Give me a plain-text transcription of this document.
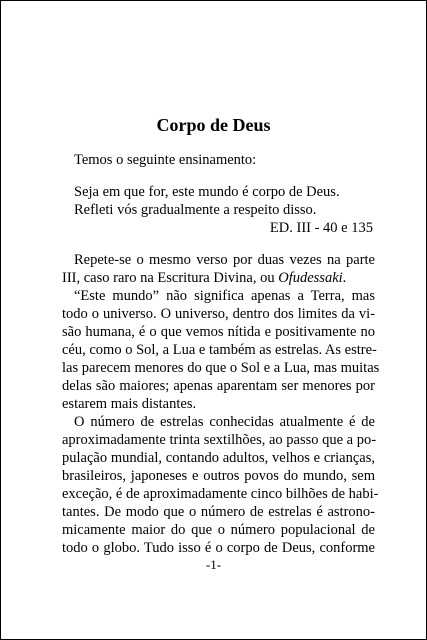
Corpo de Deus

Temos o seguinte ensinamento:

Seja em que for, este mundo é corpo de Deus.

Refleti vós gradualmente a respeito disso.

ED. III - 40 e 135

Repete-se o mesmo verso por duas vezes na parte

III, caso raro na Escritura Divina, ou Ofudessaki.

“Este mundo” não significa apenas a Terra, mas

todo o universo. O universo, dentro dos limites da vi-

são humana, é o que vemos nítida e positivamente no

céu, como o Sol, a Lua e também as estrelas. As estre-

las parecem menores do que o Sol e a Lua, mas muitas

delas são maiores; apenas aparentam ser menores por

estarem mais distantes.

O número de estrelas conhecidas atualmente é de

aproximadamente trinta sextilhões, ao passo que a po-

pulação mundial, contando adultos, velhos e crianças,

brasileiros, japoneses e outros povos do mundo, sem

exceção, é de aproximadamente cinco bilhões de habi-

tantes. De modo que o número de estrelas é astrono-

micamente maior do que o número populacional de

todo o globo. Tudo isso é o corpo de Deus, conforme

-1-
